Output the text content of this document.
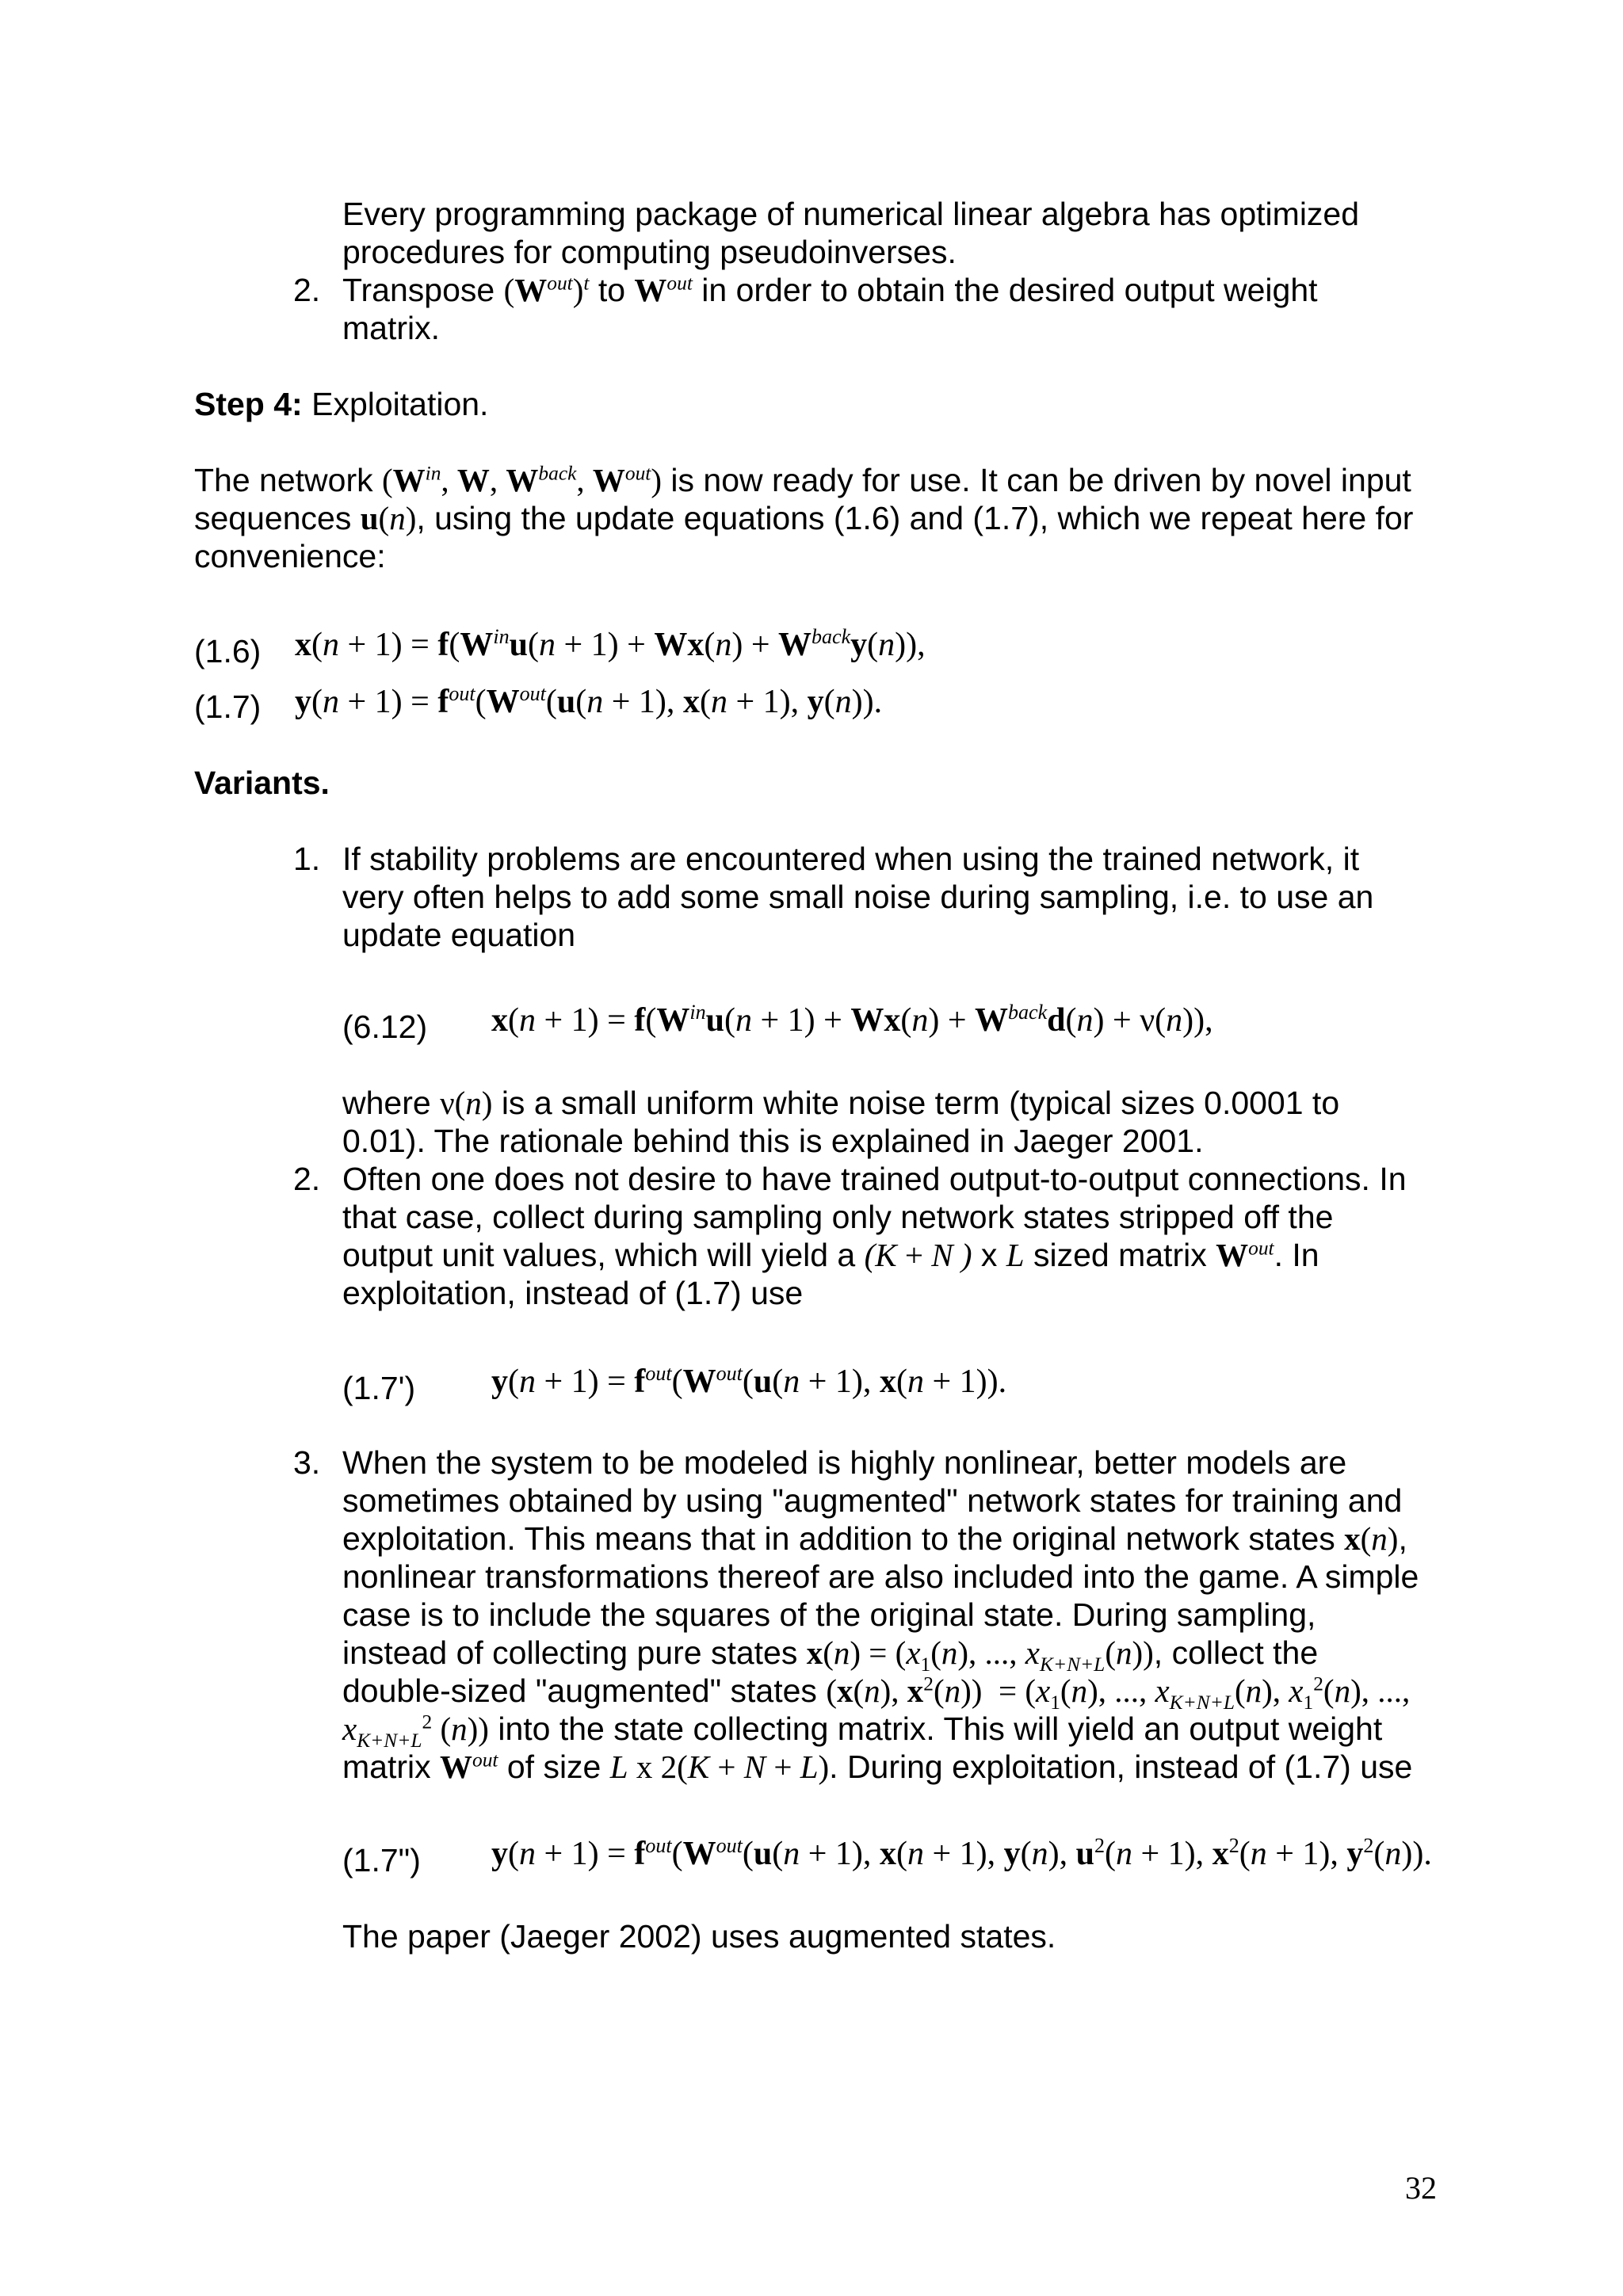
Every programming package of numerical linear algebra has optimized
procedures for computing pseudoinverses.
2. Transpose $(W^{out})^t$ to $W^{out}$ in order to obtain the desired output weight
matrix.
Step 4: Exploitation.
The network ($W^{in}$, W, $W^{back}$, $W^{out}$) is now ready for use. It can be driven by novel input
sequences u(n), using the update equations (1.6) and (1.7), which we repeat here for
convenience:
(1.6) $x(n + 1) = f(W^{in}u(n + 1) + Wx(n) + W^{back}y(n))$,
(1.7) $y(n + 1) = f^{out}(W^{out}(u(n + 1)$, x(n + 1), y(n)).
Variants.
1. If stability problems are encountered when using the trained network, it
very often helps to add some small noise during sampling, i.e. to use an
update equation
(6.12) $x(n + 1) = f(W^{in}u(n + 1) + Wx(n) + W^{back}d(n) + \nu(n))$,
where ν(n) is a small uniform white noise term (typical sizes 0.0001 to
0.01). The rationale behind this is explained in Jaeger 2001.
2. Often one does not desire to have trained output-to-output connections. In
that case, collect during sampling only network states stripped off the
output unit values, which will yield a (K + N ) x L sized matrix $W^{out}$. In
exploitation, instead of (1.7) use
(1.7') $y(n + 1) = f^{out}(W^{out}(u(n + 1)$, x(n + 1)).
3. When the system to be modeled is highly nonlinear, better models are
sometimes obtained by using "augmented" network states for training and
exploitation. This means that in addition to the original network states x(n),
nonlinear transformations thereof are also included into the game. A simple
case is to include the squares of the original state. During sampling,
instead of collecting pure states $x(n) = (x_1(n)$, ..., $x_{K+N+L}(n)$), collect the
double-sized "augmented" states (x(n), $x^2(n)) = (x_1(n)$, ..., $x_{K+N+L}(n)$, $x_1^2(n)$, ...,
$x_{K+N+L}^2$ (n)) into the state collecting matrix. This will yield an output weight
matrix $W^{out}$ of size L x 2(K + N + L). During exploitation, instead of (1.7) use
(1.7") $y(n + 1) = f^{out}(W^{out}(u(n + 1)$, x(n + 1), y(n), $u^2(n + 1)$, $x^2(n + 1)$, $y^2(n)$).
The paper (Jaeger 2002) uses augmented states.
32
